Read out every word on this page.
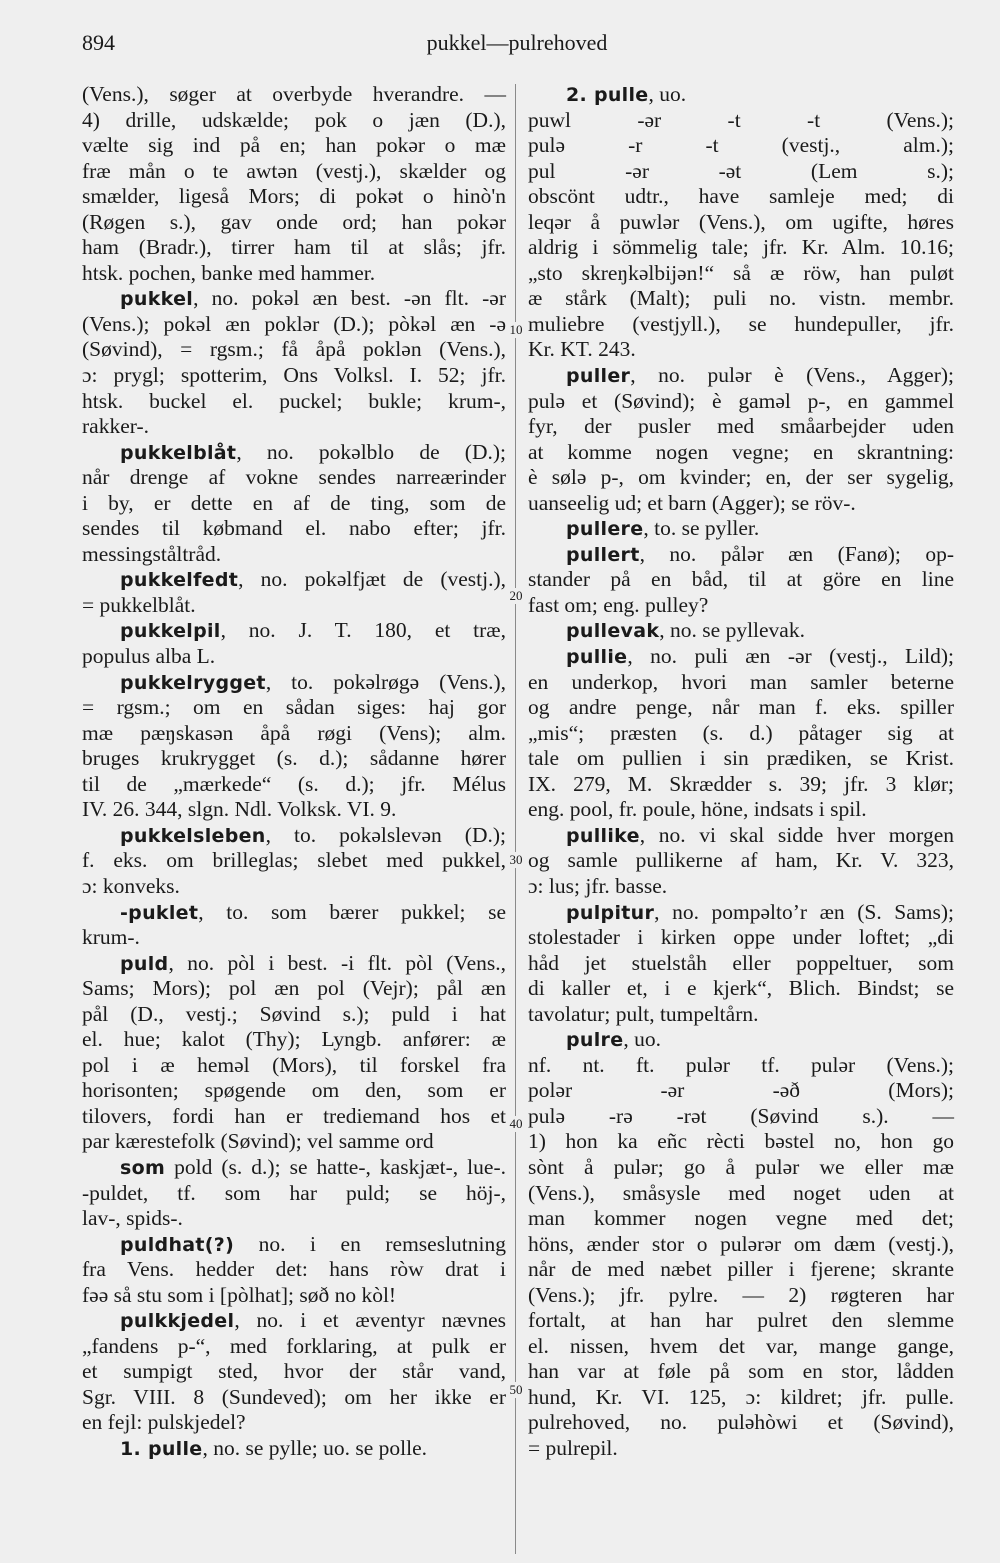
894	pukkel—pulrehoved
10
20
30
40
50
(Vens.), søger at overbyde hverandre. —
4) drille, udskælde; pok o jæn (D.),
vælte sig ind på en; han pokər o mæ
fræ mån o te awtən (vestj.), skælder og
smælder, ligeså Mors; di pokət o hinò'n
(Røgen s.), gav onde ord; han pokər
ham (Bradr.), tirrer ham til at slås; jfr.
htsk. pochen, banke med hammer.
pukkel, no. pokəl æn best. -ən flt. -ər
(Vens.); pokəl æn poklər (D.); pòkəl æn -ə
(Søvind), = rgsm.; få åpå poklən (Vens.),
ɔ: prygl; spotterim, Ons Volksl. I. 52; jfr.
htsk. buckel el. puckel; bukle; krum-,
rakker-.
pukkelblåt, no. pokəlblo de (D.);
når drenge af vokne sendes narreærinder
i by, er dette en af de ting, som de
sendes til købmand el. nabo efter; jfr.
messingståltråd.
pukkelfedt, no. pokəlfjæt de (vestj.),
= pukkelblåt.
pukkelpil, no. J. T. 180, et træ,
populus alba L.
pukkelrygget, to. pokəlrøgə (Vens.),
= rgsm.; om en sådan siges: haj gor
mæ pæŋskasən åpå røgi (Vens); alm.
bruges krukrygget (s. d.); sådanne hører
til de „mærkede“ (s. d.); jfr. Mélus
IV. 26. 344, slgn. Ndl. Volksk. VI. 9.
pukkelsleben, to. pokəlslevən (D.);
f. eks. om brilleglas; slebet med pukkel,
ɔ: konveks.
-puklet, to. som bærer pukkel; se
krum-.
puld, no. pòl i best. -i flt. pòl (Vens.,
Sams; Mors); pol æn pol (Vejr); pål æn
pål (D., vestj.; Søvind s.); puld i hat
el. hue; kalot (Thy); Lyngb. anfører: æ
pol i æ heməl (Mors), til forskel fra
horisonten; spøgende om den, som er
tilovers, fordi han er trediemand hos et
par kærestefolk (Søvind); vel samme ord
som pold (s. d.); se hatte-, kaskjæt-, lue-.
-puldet, tf. som har puld; se höj-,
lav-, spids-.
puldhat(?) no. i en remseslutning
fra Vens. hedder det: hans ròw drat i
fəə så stu som i [pòlhat]; søð no kòl!
pulkkjedel, no. i et æventyr nævnes
„fandens p-“, med forklaring, at pulk er
et sumpigt sted, hvor der står vand,
Sgr. VIII. 8 (Sundeved); om her ikke er
en fejl: pulskjedel?
1. pulle, no. se pylle; uo. se polle.
2. pulle, uo.
puwl -ər -t -t (Vens.);
pulə -r -t (vestj., alm.);
pul -ər -ət (Lem s.);
obscönt udtr., have samleje med; di
leqər å puwlər (Vens.), om ugifte, høres
aldrig i sömmelig tale; jfr. Kr. Alm. 10.16;
„sto skreŋkəlbijən!“ så æ röw, han puløt
æ stårk (Malt); puli no. vistn. membr.
muliebre (vestjyll.), se hundepuller, jfr.
Kr. KT. 243.
puller, no. pulər è (Vens., Agger);
pulə et (Søvind); è gaməl p-, en gammel
fyr, der pusler med småarbejder uden
at komme nogen vegne; en skrantning:
è sølə p-, om kvinder; en, der ser sygelig,
uanseelig ud; et barn (Agger); se röv-.
pullere, to. se pyller.
pullert, no. pålər æn (Fanø); op-
stander på en båd, til at göre en line
fast om; eng. pulley?
pullevak, no. se pyllevak.
pullie, no. puli æn -ər (vestj., Lild);
en underkop, hvori man samler beterne
og andre penge, når man f. eks. spiller
„mis“; præsten (s. d.) påtager sig at
tale om pullien i sin prædiken, se Krist.
IX. 279, M. Skrædder s. 39; jfr. 3 klør;
eng. pool, fr. poule, höne, indsats i spil.
pullike, no. vi skal sidde hver morgen
og samle pullikerne af ham, Kr. V. 323,
ɔ: lus; jfr. basse.
pulpitur, no. pompəltoʼr æn (S. Sams);
stolestader i kirken oppe under loftet; „di
håd jet stuelståh eller poppeltuer, som
di kaller et, i e kjerk“, Blich. Bindst; se
tavolatur; pult, tumpeltårn.
pulre, uo.
nf. nt. ft. pulər tf. pulər (Vens.);
polər -ər -əð (Mors);
pulə -rə -rət (Søvind s.). —
1) hon ka eñc rècti bəstel no, hon go
sònt å pulər; go å pulər we eller mæ
(Vens.), småsysle med noget uden at
man kommer nogen vegne med det;
höns, ænder stor o pulərər om dæm (vestj.),
når de med næbet piller i fjerene; skrante
(Vens.); jfr. pylre. — 2) røgteren har
fortalt, at han har pulret den slemme
el. nissen, hvem det var, mange gange,
han var at føle på som en stor, lådden
hund, Kr. VI. 125, ɔ: kildret; jfr. pulle.
pulrehoved, no. puləhòwi et (Søvind),
= pulrepil.
